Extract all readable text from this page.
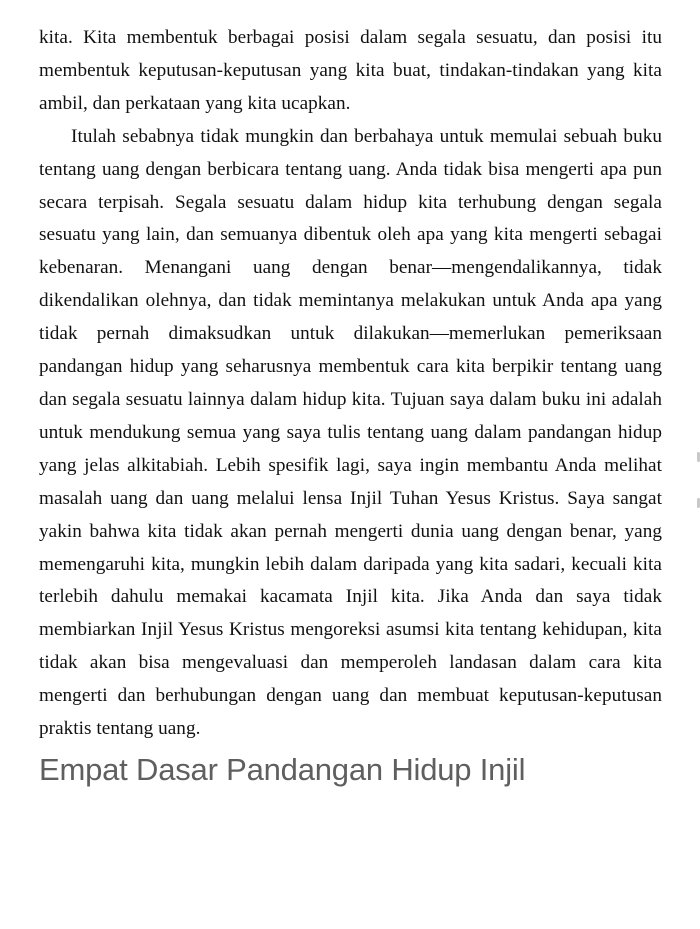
kita. Kita membentuk berbagai posisi dalam segala sesuatu, dan posisi itu membentuk keputusan-keputusan yang kita buat, tindakan-tindakan yang kita ambil, dan perkataan yang kita ucapkan.

Itulah sebabnya tidak mungkin dan berbahaya untuk memulai sebuah buku tentang uang dengan berbicara tentang uang. Anda tidak bisa mengerti apa pun secara terpisah. Segala sesuatu dalam hidup kita terhubung dengan segala sesuatu yang lain, dan semuanya dibentuk oleh apa yang kita mengerti sebagai kebenaran. Menangani uang dengan benar—mengendalikannya, tidak dikendalikan olehnya, dan tidak memintanya melakukan untuk Anda apa yang tidak pernah dimaksudkan untuk dilakukan—memerlukan pemeriksaan pandangan hidup yang seharusnya membentuk cara kita berpikir tentang uang dan segala sesuatu lainnya dalam hidup kita. Tujuan saya dalam buku ini adalah untuk mendukung semua yang saya tulis tentang uang dalam pandangan hidup yang jelas alkitabiah. Lebih spesifik lagi, saya ingin membantu Anda melihat masalah uang dan uang melalui lensa Injil Tuhan Yesus Kristus. Saya sangat yakin bahwa kita tidak akan pernah mengerti dunia uang dengan benar, yang memengaruhi kita, mungkin lebih dalam daripada yang kita sadari, kecuali kita terlebih dahulu memakai kacamata Injil kita. Jika Anda dan saya tidak membiarkan Injil Yesus Kristus mengoreksi asumsi kita tentang kehidupan, kita tidak akan bisa mengevaluasi dan memperoleh landasan dalam cara kita mengerti dan berhubungan dengan uang dan membuat keputusan-keputusan praktis tentang uang.

Empat Dasar Pandangan Hidup Injil
